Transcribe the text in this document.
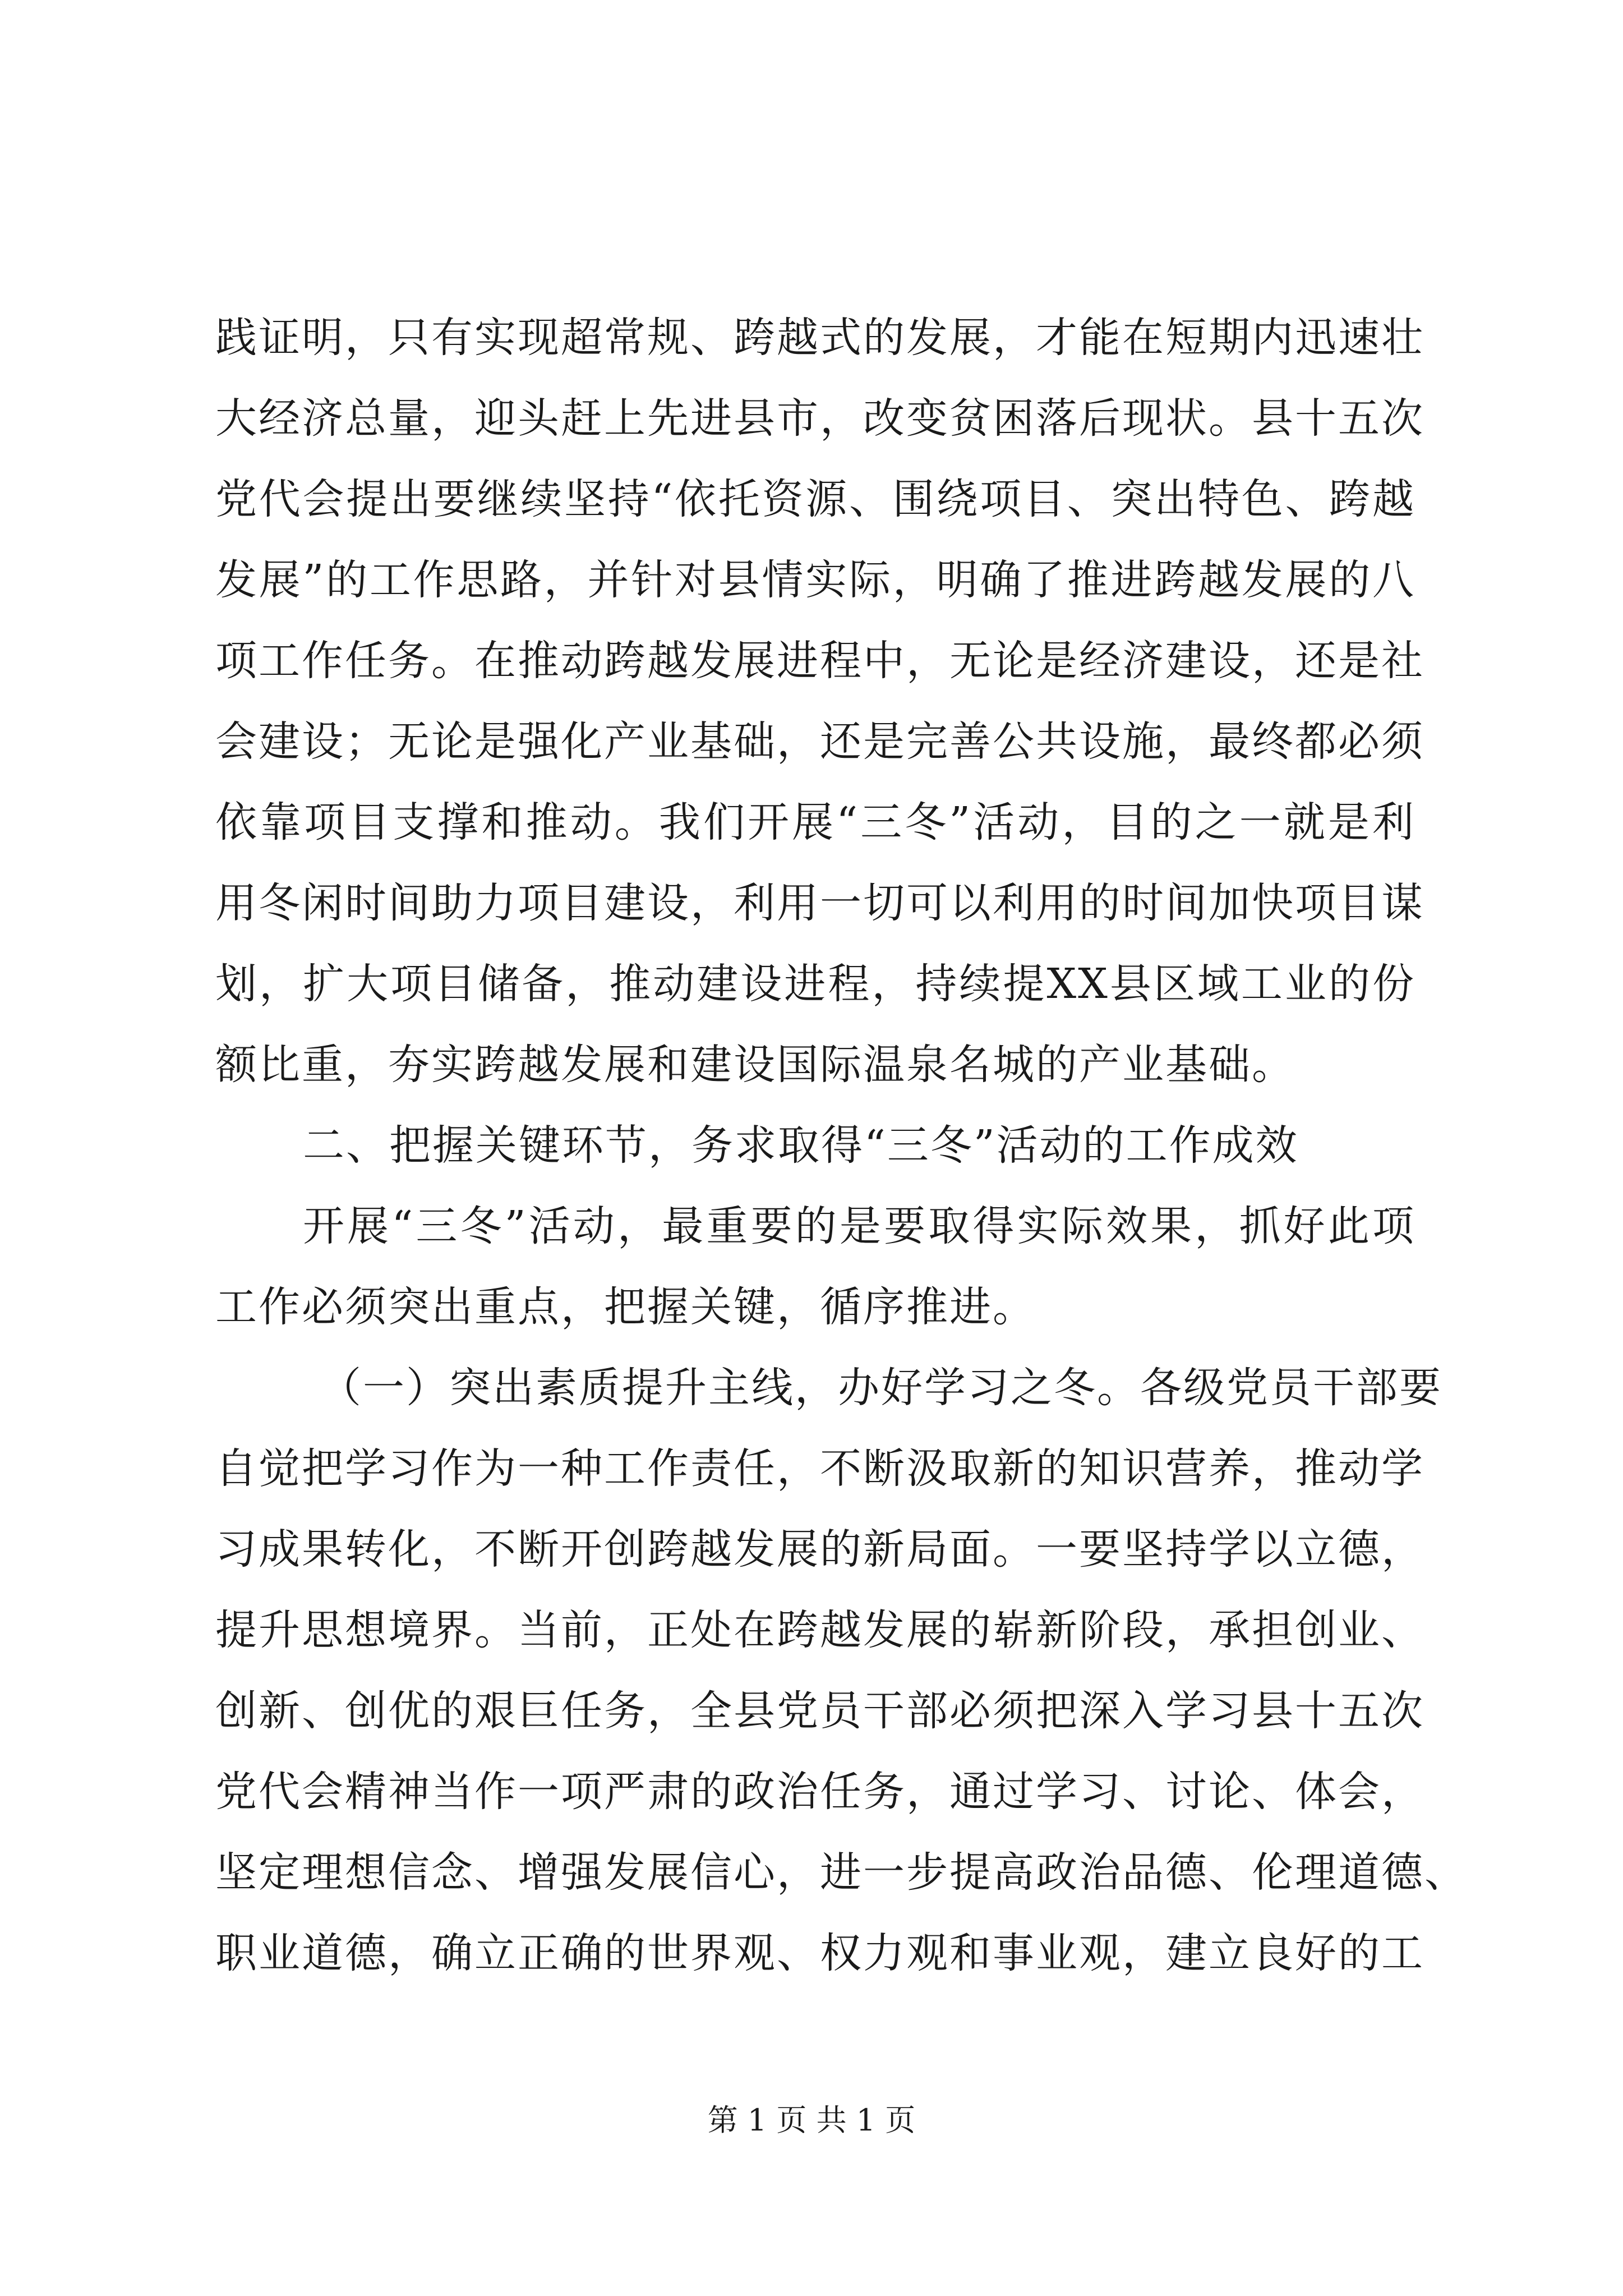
践证明，只有实现超常规、跨越式的发展，才能在短期内迅速壮
大经济总量，迎头赶上先进县市，改变贫困落后现状。县十五次
党代会提出要继续坚持“依托资源、围绕项目、突出特色、跨越
发展”的工作思路，并针对县情实际，明确了推进跨越发展的八
项工作任务。在推动跨越发展进程中，无论是经济建设，还是社
会建设；无论是强化产业基础，还是完善公共设施，最终都必须
依靠项目支撑和推动。我们开展“三冬”活动，目的之一就是利
用冬闲时间助力项目建设，利用一切可以利用的时间加快项目谋
划，扩大项目储备，推动建设进程，持续提XX县区域工业的份
额比重，夯实跨越发展和建设国际温泉名城的产业基础。
二、把握关键环节，务求取得“三冬”活动的工作成效
开展“三冬”活动，最重要的是要取得实际效果，抓好此项
工作必须突出重点，把握关键，循序推进。
（一）突出素质提升主线，办好学习之冬。各级党员干部要
自觉把学习作为一种工作责任，不断汲取新的知识营养，推动学
习成果转化，不断开创跨越发展的新局面。一要坚持学以立德，
提升思想境界。当前，正处在跨越发展的崭新阶段，承担创业、
创新、创优的艰巨任务，全县党员干部必须把深入学习县十五次
党代会精神当作一项严肃的政治任务，通过学习、讨论、体会，
坚定理想信念、增强发展信心，进一步提高政治品德、伦理道德、
职业道德，确立正确的世界观、权力观和事业观，建立良好的工
第 1 页 共 1 页
